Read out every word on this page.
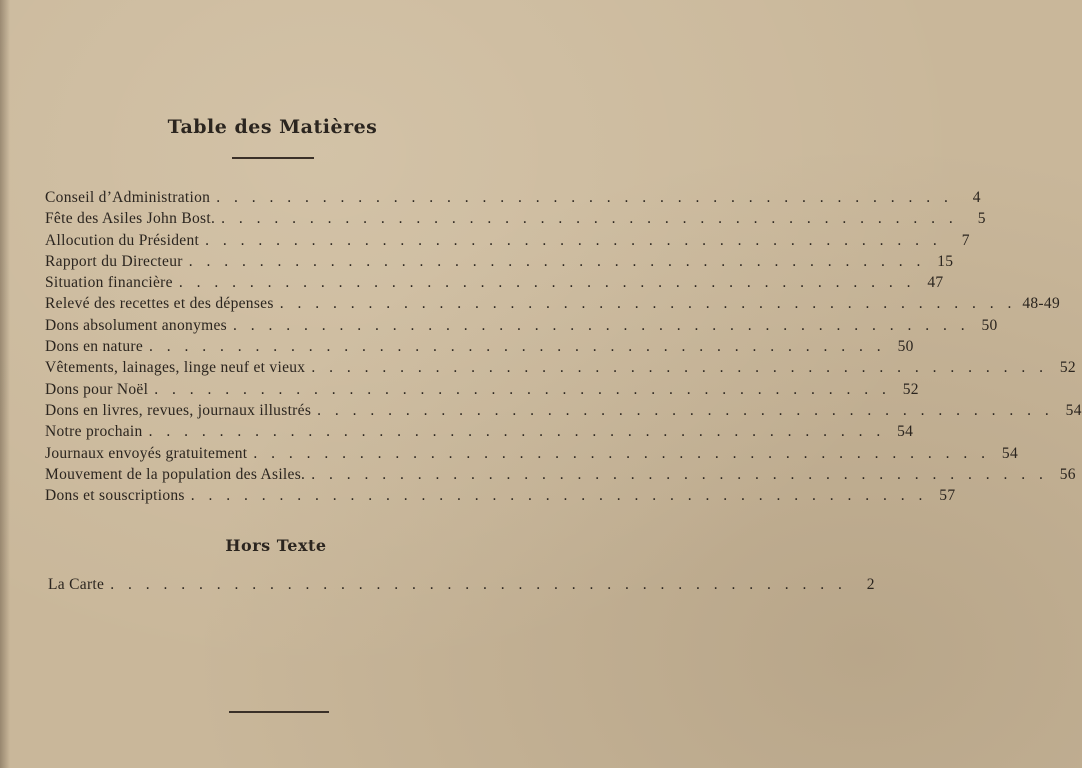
Table des Matières
Conseil d’Administration . . . . . . . . . . . . . . . . . . . . . . . . . . . . . . . . . . . . . . . . . .	4
Fête des Asiles John Bost. . . . . . . . . . . . . . . . . . . . . . . . . . . . . . . . . . . . . . . . . . .	5
Allocution du Président . . . . . . . . . . . . . . . . . . . . . . . . . . . . . . . . . . . . . . . . . .	7
Rapport du Directeur . . . . . . . . . . . . . . . . . . . . . . . . . . . . . . . . . . . . . . . . . . 15
Situation financière . . . . . . . . . . . . . . . . . . . . . . . . . . . . . . . . . . . . . . . . . . 47
Relevé des recettes et des dépenses . . . . . . . . . . . . . . . . . . . . . . . . . . . . . . . . . . . . . . . . . . 48-49
Dons absolument anonymes . . . . . . . . . . . . . . . . . . . . . . . . . . . . . . . . . . . . . . . . . . 50
Dons en nature . . . . . . . . . . . . . . . . . . . . . . . . . . . . . . . . . . . . . . . . . . 50
Vêtements, lainages, linge neuf et vieux . . . . . . . . . . . . . . . . . . . . . . . . . . . . . . . . . . . . . . . . . . 52
Dons pour Noël . . . . . . . . . . . . . . . . . . . . . . . . . . . . . . . . . . . . . . . . . . 52
Dons en livres, revues, journaux illustrés . . . . . . . . . . . . . . . . . . . . . . . . . . . . . . . . . . . . . . . . . . 54
Notre prochain . . . . . . . . . . . . . . . . . . . . . . . . . . . . . . . . . . . . . . . . . . 54
Journaux envoyés gratuitement . . . . . . . . . . . . . . . . . . . . . . . . . . . . . . . . . . . . . . . . . . 54
Mouvement de la population des Asiles. . . . . . . . . . . . . . . . . . . . . . . . . . . . . . . . . . . . . . . . . . . 56
Dons et souscriptions . . . . . . . . . . . . . . . . . . . . . . . . . . . . . . . . . . . . . . . . . . 57
Hors Texte
La Carte . . . . . . . . . . . . . . . . . . . . . . . . . . . . . . . . . . . . . . . . . .	2
